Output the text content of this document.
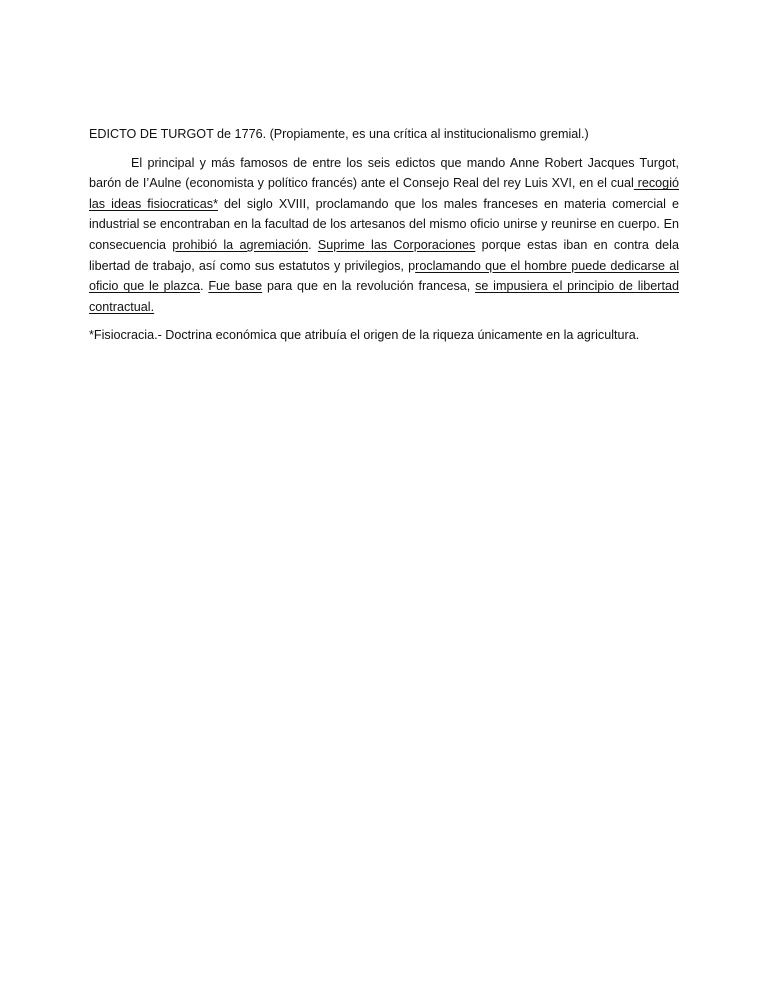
EDICTO DE TURGOT de 1776. (Propiamente, es una crítica al institucionalismo gremial.)

El principal y más famosos de entre los seis edictos que mando Anne Robert Jacques Turgot, barón de I’Aulne (economista y político francés) ante el Consejo Real del rey Luis XVI, en el cual recogió las ideas fisiocraticas* del siglo XVIII, proclamando que los males franceses en materia comercial e industrial se encontraban en la facultad de los artesanos del mismo oficio unirse y reunirse en cuerpo. En consecuencia prohibió la agremiación. Suprime las Corporaciones porque estas iban en contra dela libertad de trabajo, así como sus estatutos y privilegios, proclamando que el hombre puede dedicarse al oficio que le plazca. Fue base para que en la revolución francesa, se impusiera el principio de libertad contractual.

*Fisiocracia.- Doctrina económica que atribuía el origen de la riqueza únicamente en la agricultura.
